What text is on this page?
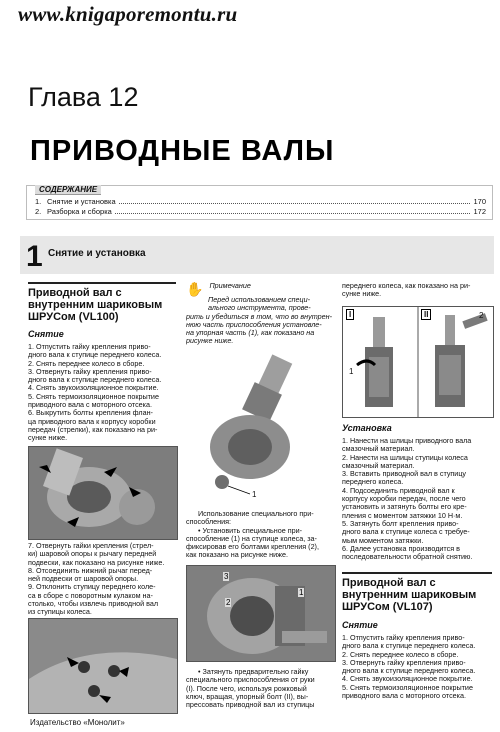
www.knigaporemontu.ru
Глава 12
ПРИВОДНЫЕ ВАЛЫ
СОДЕРЖАНИЕ
1. Снятие и установка	170
2. Разборка и сборка	172
1 Снятие и установка
Приводной вал с
внутренним шариковым
ШРУСом (VL100)
Снятие
1. Отпустить гайку крепления приво-
дного вала к ступице переднего колеса.
2. Снять переднее колесо в сборе.
3. Отвернуть гайку крепления приво-
дного вала к ступице переднего колеса.
4. Снять звукоизоляционное покрытие.
5. Снять термоизоляционное покрытие
приводного вала с моторного отсека.
6. Выкрутить болты крепления флан-
ца приводного вала к корпусу коробки
передач (стрелки), как показано на ри-
сунке ниже.
7. Отвернуть гайки крепления (стрел-
ки) шаровой опоры к рычагу передней
подвески, как показано на рисунке ниже.
8. Отсоединить нижний рычаг перед-
ней подвески от шаровой опоры.
9. Отклонить ступицу переднего коле-
са в сборе с поворотным кулаком на-
столько, чтобы извлечь приводной вал
из ступицы колеса.
✋ Примечание
Перед использованием специ-
ального инструмента, прове-
рить и убедиться в том, что во внутрен-
нюю часть приспособления установле-
на упорная часть (1), как показано на
рисунке ниже.
1
Использование специального при-
способления:
• Установить специальное при-
способление (1) на ступице колеса, за-
фиксировав его болтами крепления (2),
как показано на рисунке ниже.
3
2
1
• Затянуть предварительно гайку
специального приспособления от руки
(I). После чего, используя рожковый
ключ, вращая, упорный болт (II), вы-
прессовать приводной вал из ступицы
переднего колеса, как показано на ри-
сунке ниже.
I	II
1
2
Установка
1. Нанести на шлицы приводного вала
смазочный материал.
2. Нанести на шлицы ступицы колеса
смазочный материал.
3. Вставить приводной вал в ступицу
переднего колеса.
4. Подсоединить приводной вал к
корпусу коробки передач, после чего
установить и затянуть болты его кре-
пления с моментом затяжки 10 Н·м.
5. Затянуть болт крепления приво-
дного вала к ступице колеса с требуе-
мым моментом затяжки.
6. Далее установка производится в
последовательности обратной снятию.
Приводной вал с
внутренним шариковым
ШРУСом (VL107)
Снятие
1. Отпустить гайку крепления приво-
дного вала к ступице переднего колеса.
2. Снять переднее колесо в сборе.
3. Отвернуть гайку крепления приво-
дного вала к ступице переднего колеса.
4. Снять звукоизоляционное покрытие.
5. Снять термоизоляционное покрытие
приводного вала с моторного отсека.
Издательство «Монолит»
